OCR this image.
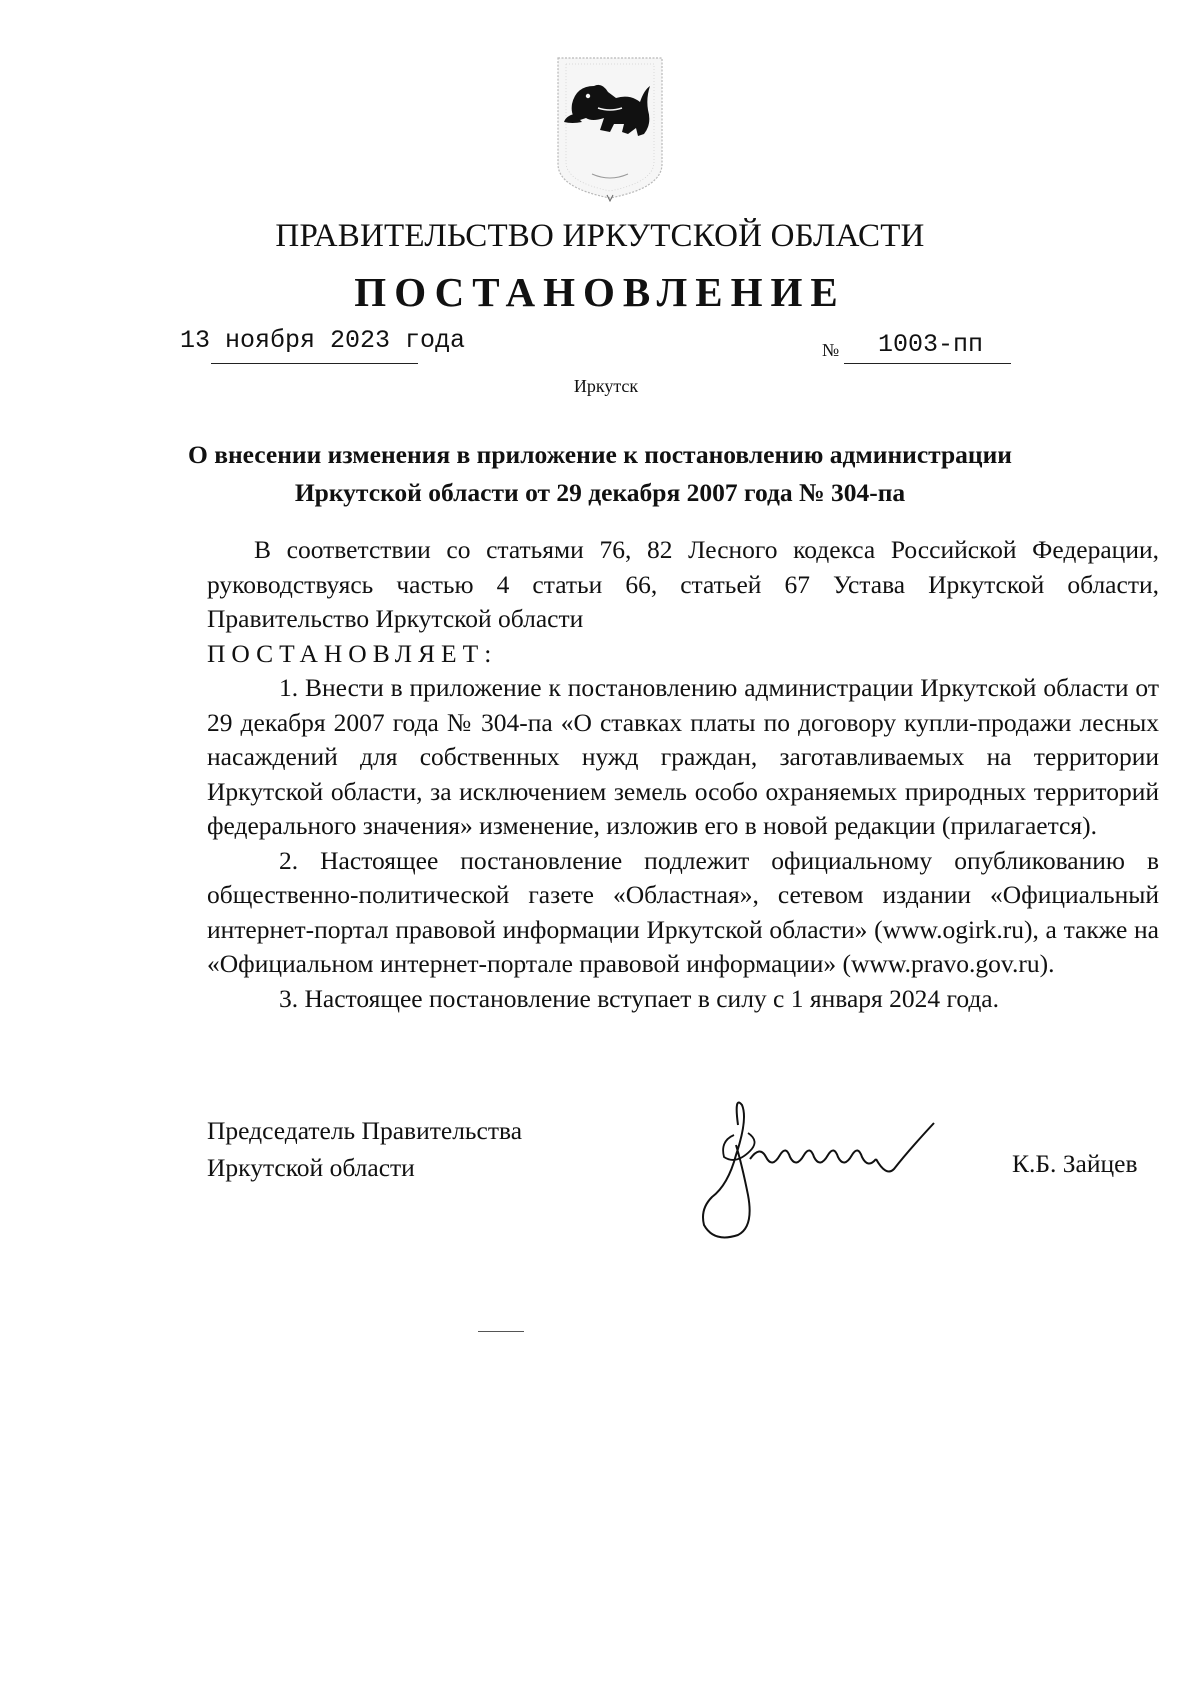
ПРАВИТЕЛЬСТВО ИРКУТСКОЙ ОБЛАСТИ
ПОСТАНОВЛЕНИЕ
13 ноября 2023 года	№ 1003-пп
Иркутск
О внесении изменения в приложение к постановлению администрации
Иркутской области от 29 декабря 2007 года № 304-па

В соответствии со статьями 76, 82 Лесного кодекса Российской Федерации, руководствуясь частью 4 статьи 66, статьей 67 Устава Иркутской области, Правительство Иркутской области

ПОСТАНОВЛЯЕТ:

1. Внести в приложение к постановлению администрации Иркутской области от 29 декабря 2007 года № 304-па «О ставках платы по договору купли-продажи лесных насаждений для собственных нужд граждан, заготавливаемых на территории Иркутской области, за исключением земель особо охраняемых природных территорий федерального значения» изменение, изложив его в новой редакции (прилагается).

2. Настоящее постановление подлежит официальному опубликованию в общественно-политической газете «Областная», сетевом издании «Официальный интернет-портал правовой информации Иркутской области» (www.ogirk.ru), а также на «Официальном интернет-портале правовой информации» (www.pravo.gov.ru).

3. Настоящее постановление вступает в силу с 1 января 2024 года.

Председатель Правительства
Иркутской области	К.Б. Зайцев
